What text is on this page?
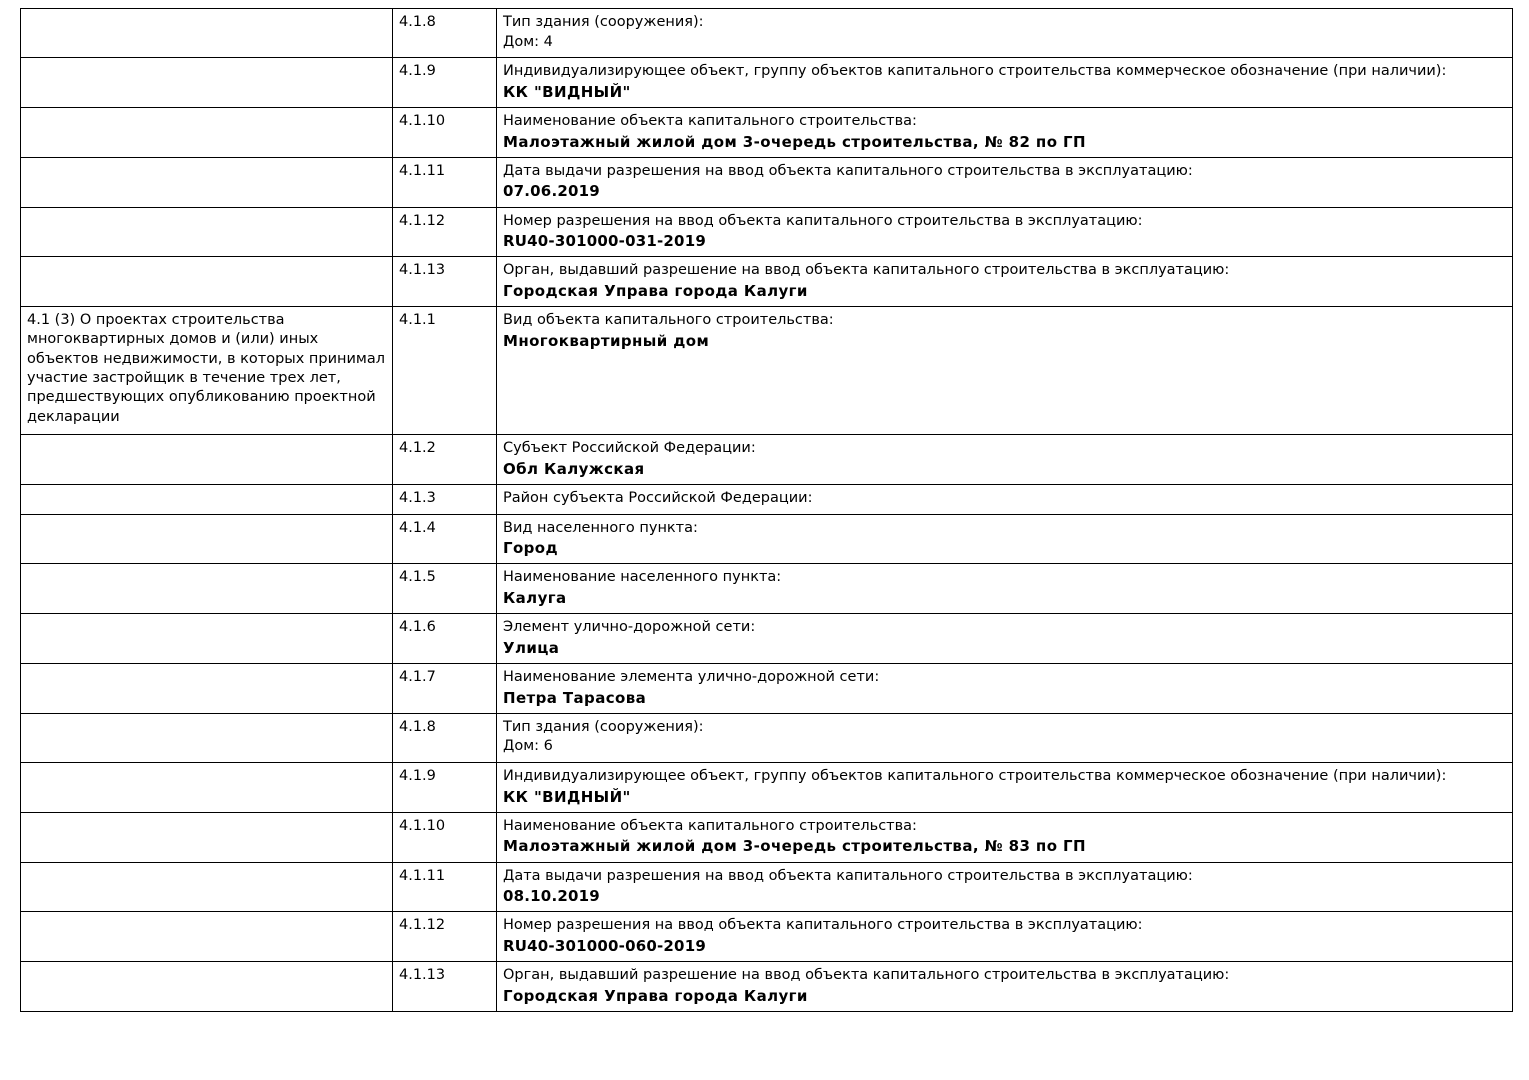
	4.1.8	Тип здания (сооружения):
Дом: 4

	4.1.9	Индивидуализирующее объект, группу объектов капитального строительства коммерческое обозначение (при наличии):
КК "ВИДНЫЙ"

	4.1.10	Наименование объекта капитального строительства:
Малоэтажный жилой дом 3-очередь строительства, № 82 по ГП

	4.1.11	Дата выдачи разрешения на ввод объекта капитального строительства в эксплуатацию:
07.06.2019

	4.1.12	Номер разрешения на ввод объекта капитального строительства в эксплуатацию:
RU40-301000-031-2019

	4.1.13	Орган, выдавший разрешение на ввод объекта капитального строительства в эксплуатацию:
Городская Управа города Калуги

4.1 (3) О проектах строительства многоквартирных домов и (или) иных объектов недвижимости, в которых принимал участие застройщик в течение трех лет, предшествующих опубликованию проектной декларации	4.1.1	Вид объекта капитального строительства:
Многоквартирный дом

	4.1.2	Субъект Российской Федерации:
Обл Калужская

	4.1.3	Район субъекта Российской Федерации:

	4.1.4	Вид населенного пункта:
Город

	4.1.5	Наименование населенного пункта:
Калуга

	4.1.6	Элемент улично-дорожной сети:
Улица

	4.1.7	Наименование элемента улично-дорожной сети:
Петра Тарасова

	4.1.8	Тип здания (сооружения):
Дом: 6

	4.1.9	Индивидуализирующее объект, группу объектов капитального строительства коммерческое обозначение (при наличии):
КК "ВИДНЫЙ"

	4.1.10	Наименование объекта капитального строительства:
Малоэтажный жилой дом 3-очередь строительства, № 83 по ГП

	4.1.11	Дата выдачи разрешения на ввод объекта капитального строительства в эксплуатацию:
08.10.2019

	4.1.12	Номер разрешения на ввод объекта капитального строительства в эксплуатацию:
RU40-301000-060-2019

	4.1.13	Орган, выдавший разрешение на ввод объекта капитального строительства в эксплуатацию:
Городская Управа города Калуги
